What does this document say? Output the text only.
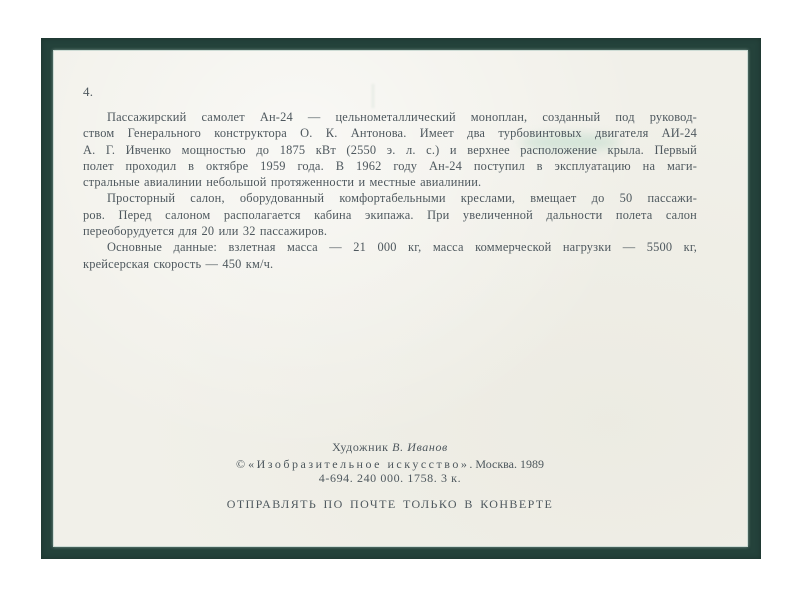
4.

Пассажирский самолет Ан-24 — цельнометаллический моноплан, созданный под руковод-
ством Генерального конструктора О. К. Антонова. Имеет два турбовинтовых двигателя АИ-24
А. Г. Ивченко мощностью до 1875 кВт (2550 э. л. с.) и верхнее расположение крыла. Первый
полет проходил в октябре 1959 года. В 1962 году Ан-24 поступил в эксплуатацию на маги-
стральные авиалинии небольшой протяженности и местные авиалинии.

Просторный салон, оборудованный комфортабельными креслами, вмещает до 50 пассажи-
ров. Перед салоном располагается кабина экипажа. При увеличенной дальности полета салон
переоборудуется для 20 или 32 пассажиров.

Основные данные: взлетная масса — 21 000 кг, масса коммерческой нагрузки — 5500 кг,
крейсерская скорость — 450 км/ч.

Художник В. Иванов
© «Изобразительное искусство». Москва. 1989
4-694. 240 000. 1758. 3 к.
ОТПРАВЛЯТЬ ПО ПОЧТЕ ТОЛЬКО В КОНВЕРТЕ
